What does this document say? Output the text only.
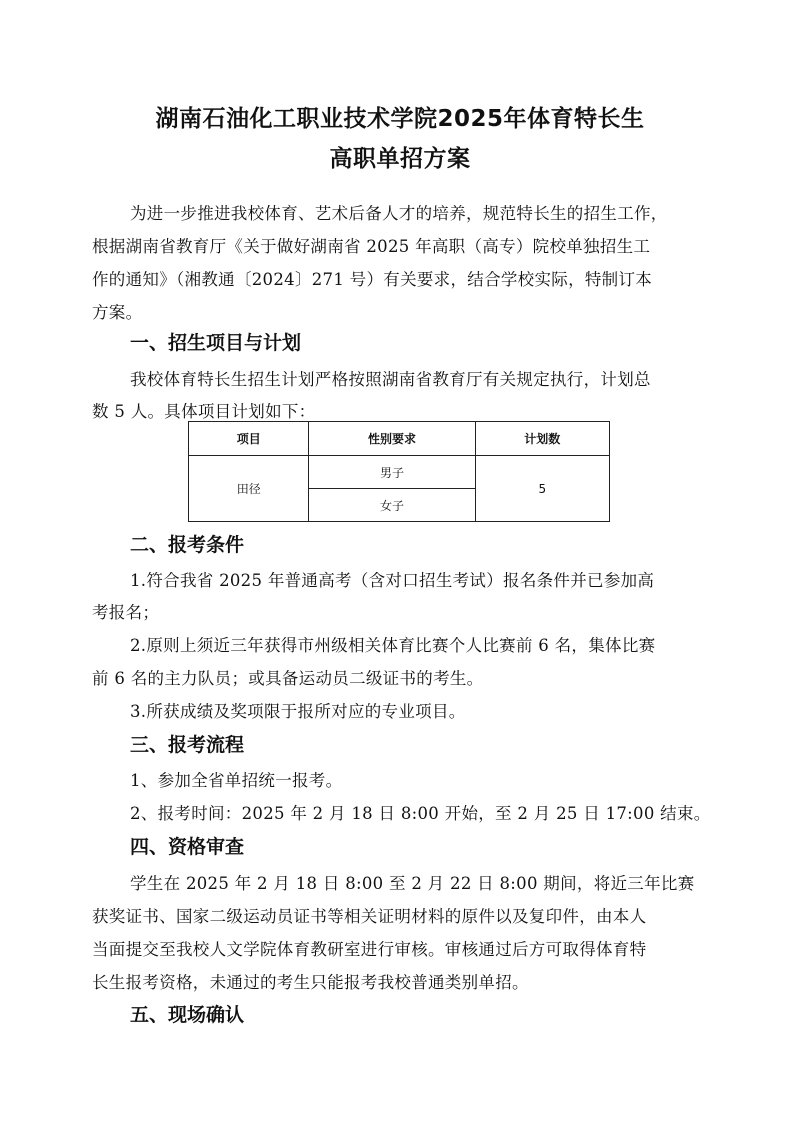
湖南石油化工职业技术学院2025年体育特长生
高职单招方案
为进一步推进我校体育、艺术后备人才的培养，规范特长生的招生工作，
根据湖南省教育厅《关于做好湖南省 2025 年高职（高专）院校单独招生工
作的通知》（湘教通〔2024〕271 号）有关要求，结合学校实际，特制订本
方案。
一、招生项目与计划
我校体育特长生招生计划严格按照湖南省教育厅有关规定执行，计划总
数 5 人。具体项目计划如下：
项目	性别要求	计划数
田径	男子	5
	女子	
二、报考条件
1.符合我省 2025 年普通高考（含对口招生考试）报名条件并已参加高
考报名；
2.原则上须近三年获得市州级相关体育比赛个人比赛前 6 名，集体比赛
前 6 名的主力队员；或具备运动员二级证书的考生。
3.所获成绩及奖项限于报所对应的专业项目。
三、报考流程
1、参加全省单招统一报考。
2、报考时间：2025 年 2 月 18 日 8:00 开始，至 2 月 25 日 17:00 结束。
四、资格审查
学生在 2025 年 2 月 18 日 8:00 至 2 月 22 日 8:00 期间，将近三年比赛
获奖证书、国家二级运动员证书等相关证明材料的原件以及复印件，由本人
当面提交至我校人文学院体育教研室进行审核。审核通过后方可取得体育特
长生报考资格，未通过的考生只能报考我校普通类别单招。
五、现场确认
